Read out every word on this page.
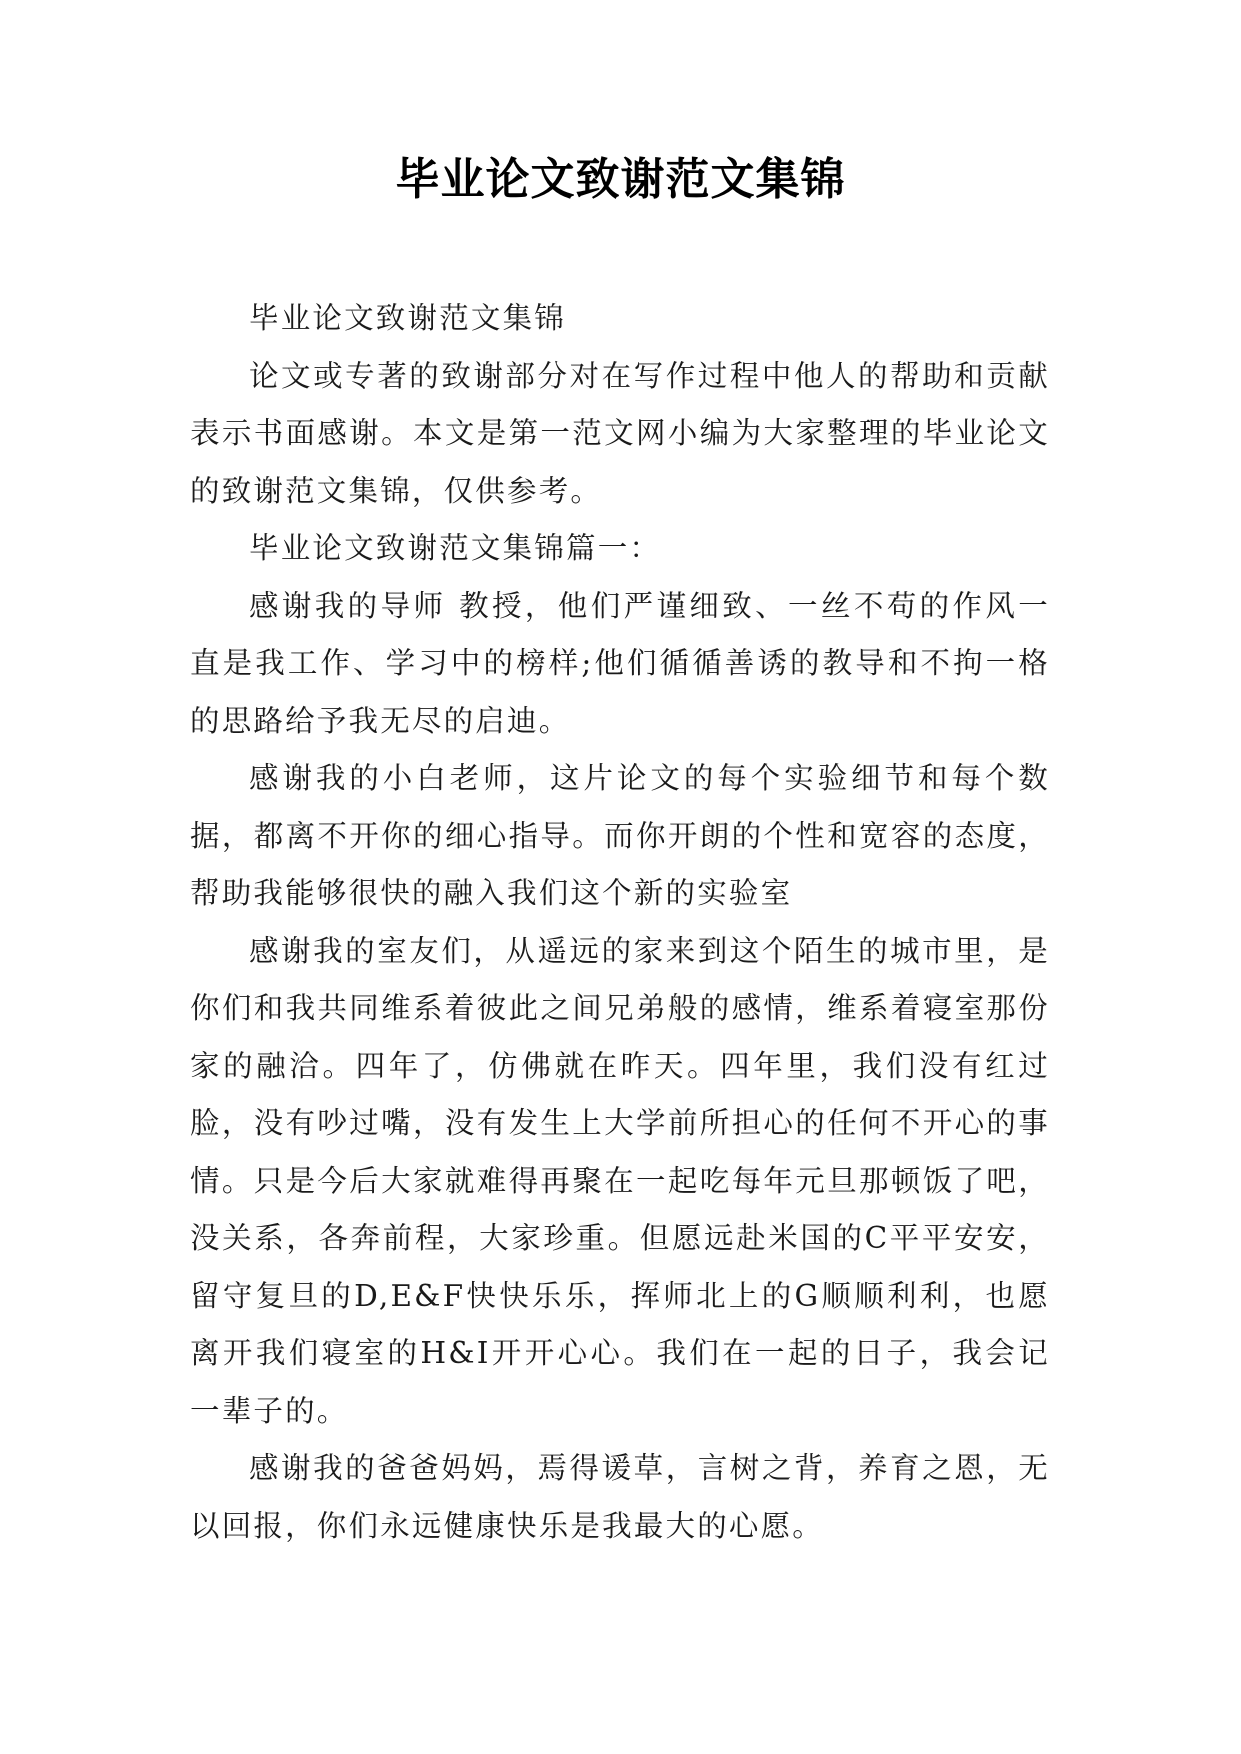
毕业论文致谢范文集锦

毕业论文致谢范文集锦

论文或专著的致谢部分对在写作过程中他人的帮助和贡献表示书面感谢。本文是第一范文网小编为大家整理的毕业论文的致谢范文集锦，仅供参考。

毕业论文致谢范文集锦篇一：

感谢我的导师 教授，他们严谨细致、一丝不苟的作风一直是我工作、学习中的榜样;他们循循善诱的教导和不拘一格的思路给予我无尽的启迪。

感谢我的小白老师，这片论文的每个实验细节和每个数据，都离不开你的细心指导。而你开朗的个性和宽容的态度，帮助我能够很快的融入我们这个新的实验室

感谢我的室友们，从遥远的家来到这个陌生的城市里，是你们和我共同维系着彼此之间兄弟般的感情，维系着寝室那份家的融洽。四年了，仿佛就在昨天。四年里，我们没有红过脸，没有吵过嘴，没有发生上大学前所担心的任何不开心的事情。只是今后大家就难得再聚在一起吃每年元旦那顿饭了吧，没关系，各奔前程，大家珍重。但愿远赴米国的C平平安安，留守复旦的D,E&F快快乐乐，挥师北上的G顺顺利利，也愿离开我们寝室的H&I开开心心。我们在一起的日子，我会记一辈子的。

感谢我的爸爸妈妈，焉得谖草，言树之背，养育之恩，无以回报，你们永远健康快乐是我最大的心愿。
